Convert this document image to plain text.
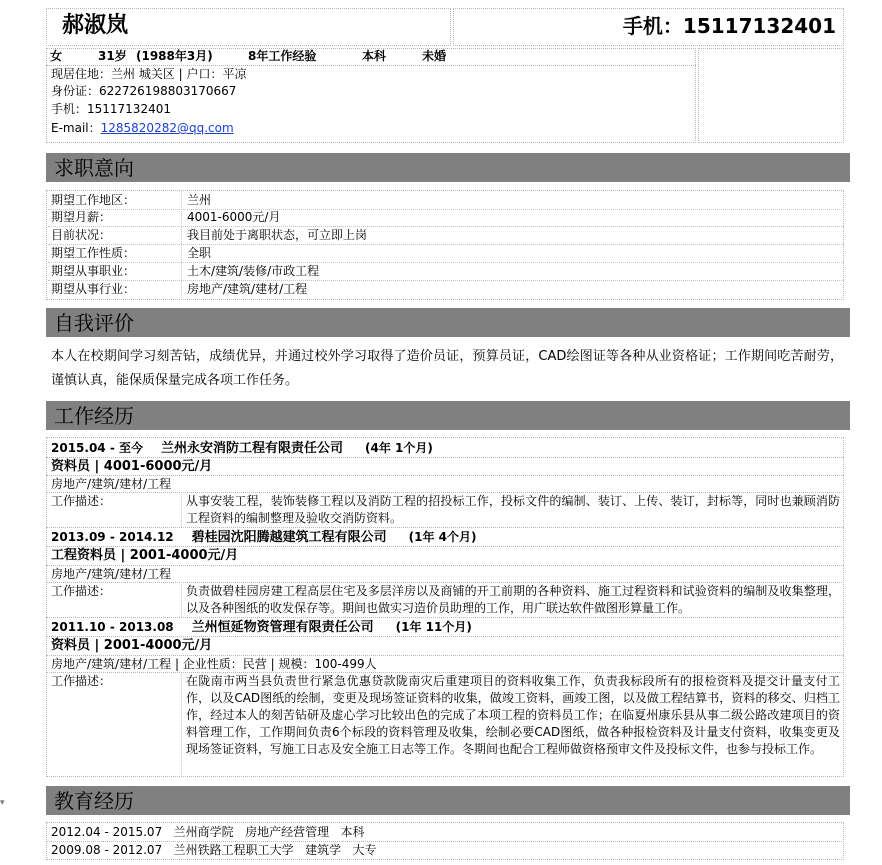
郝淑岚	手机：15117132401
女	31岁 (1988年3月)	8年工作经验	本科	未婚
现居住地：兰州 城关区 | 户口：平凉
身份证：622726198803170667
手机：15117132401
E-mail：1285820282@qq.com
求职意向
期望工作地区：	兰州
期望月薪：	4001-6000元/月
目前状况：	我目前处于离职状态，可立即上岗
期望工作性质：	全职
期望从事职业：	土木/建筑/装修/市政工程
期望从事行业：	房地产/建筑/建材/工程
自我评价
本人在校期间学习刻苦钻，成绩优异，并通过校外学习取得了造价员证，预算员证，CAD绘图证等各种从业资格证；工作期间吃苦耐劳，谨慎认真，能保质保量完成各项工作任务。
工作经历
2015.04 - 至今 兰州永安消防工程有限责任公司 (4年 1个月)
资料员 | 4001-6000元/月
房地产/建筑/建材/工程
工作描述：	从事安装工程，装饰装修工程以及消防工程的招投标工作，投标文件的编制、装订、上传、装订，封标等，同时也兼顾消防工程资料的编制整理及验收交消防资料。
2013.09 - 2014.12 碧桂园沈阳腾越建筑工程有限公司 (1年 4个月)
工程资料员 | 2001-4000元/月
房地产/建筑/建材/工程
工作描述：	负责做碧桂园房建工程高层住宅及多层洋房以及商铺的开工前期的各种资料、施工过程资料和试验资料的编制及收集整理，以及各种图纸的收发保存等。期间也做实习造价员助理的工作，用广联达软件做图形算量工作。
2011.10 - 2013.08 兰州恒延物资管理有限责任公司 (1年 11个月)
资料员 | 2001-4000元/月
房地产/建筑/建材/工程 | 企业性质：民营 | 规模：100-499人
工作描述：	在陇南市两当县负责世行紧急优惠贷款陇南灾后重建项目的资料收集工作，负责我标段所有的报检资料及提交计量支付工作，以及CAD图纸的绘制，变更及现场签证资料的收集，做竣工资料，画竣工图，以及做工程结算书，资料的移交、归档工作，经过本人的刻苦钻研及虚心学习比较出色的完成了本项工程的资料员工作；在临夏州康乐县从事二级公路改建项目的资料管理工作，工作期间负责6个标段的资料管理及收集，绘制必要CAD图纸，做各种报检资料及计量支付资料，收集变更及现场签证资料，写施工日志及安全施工日志等工作。冬期间也配合工程师做资格预审文件及投标文件，也参与投标工作。
教育经历
2012.04 - 2015.07   兰州商学院   房地产经营管理   本科
2009.08 - 2012.07   兰州铁路工程职工大学   建筑学   大专
▾
